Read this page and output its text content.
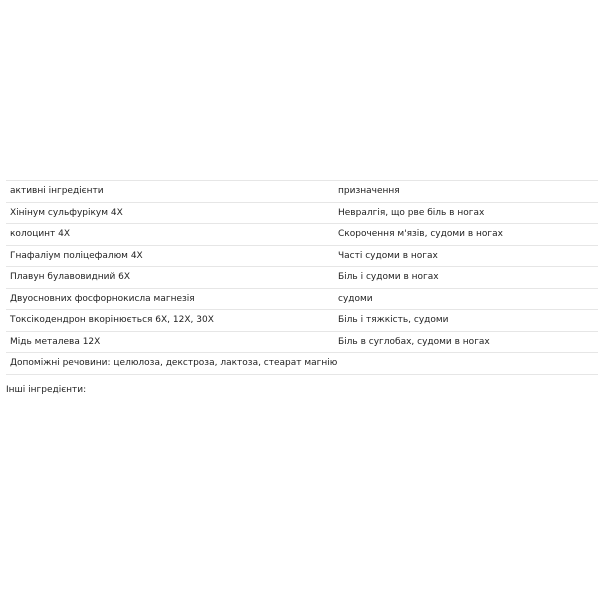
активні інгредієнти	призначення
Хінінум сульфурікум 4X	Невралгія, що рве біль в ногах
колоцинт 4X	Скорочення м'язів, судоми в ногах
Гнафаліум поліцефалюм 4X	Часті судоми в ногах
Плавун булавовидний 6X	Біль і судоми в ногах
Двуосновних фосфорнокисла магнезія	судоми
Токсікодендрон вкорінюється 6X, 12X, 30X	Біль і тяжкість, судоми
Мідь металева 12X	Біль в суглобах, судоми в ногах
Допоміжні речовини: целюлоза, декстроза, лактоза, стеарат магнію	
Інші інгредієнти:
